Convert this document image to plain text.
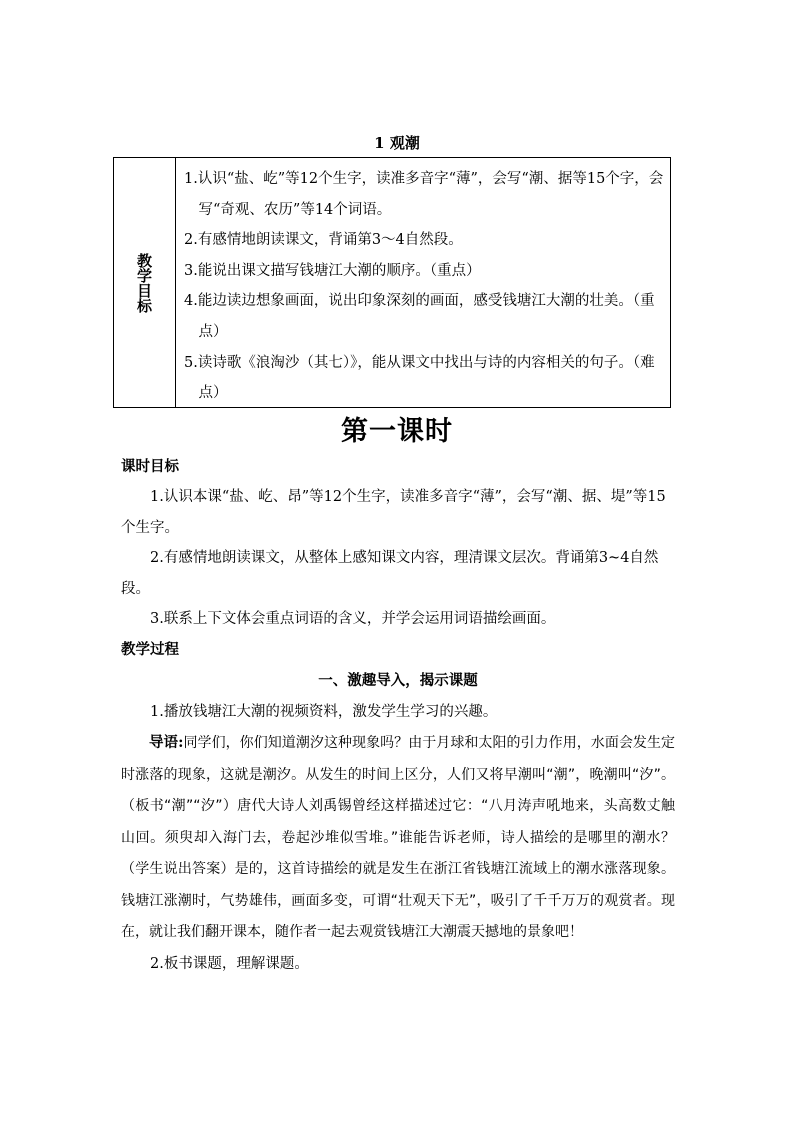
1 观潮
教学目标

1.认识“盐、屹”等12个生字，读准多音字“薄”，会写“潮、据等15个字，会写“奇观、农历”等14个词语。

2.有感情地朗读课文，背诵第3～4自然段。

3.能说出课文描写钱塘江大潮的顺序。（重点）

4.能边读边想象画面，说出印象深刻的画面，感受钱塘江大潮的壮美。（重点）

5.读诗歌《浪淘沙（其七）》，能从课文中找出与诗的内容相关的句子。（难点）

第一课时

课时目标

1.认识本课“盐、屹、昂”等12个生字，读准多音字“薄”，会写“潮、据、堤”等15个生字。

2.有感情地朗读课文，从整体上感知课文内容，理清课文层次。背诵第3~4自然段。

3.联系上下文体会重点词语的含义，并学会运用词语描绘画面。

教学过程

一、激趣导入，揭示课题

1.播放钱塘江大潮的视频资料，激发学生学习的兴趣。

导语:同学们，你们知道潮汐这种现象吗？由于月球和太阳的引力作用，水面会发生定时涨落的现象，这就是潮汐。从发生的时间上区分，人们又将早潮叫“潮”，晚潮叫“汐”。（板书“潮”“汐”）唐代大诗人刘禹锡曾经这样描述过它：“八月涛声吼地来，头高数丈触山回。须臾却入海门去，卷起沙堆似雪堆。”谁能告诉老师，诗人描绘的是哪里的潮水？（学生说出答案）是的，这首诗描绘的就是发生在浙江省钱塘江流域上的潮水涨落现象。钱塘江涨潮时，气势雄伟，画面多变，可谓“壮观天下无”，吸引了千千万万的观赏者。现在，就让我们翻开课本，随作者一起去观赏钱塘江大潮震天撼地的景象吧！

2.板书课题，理解课题。
